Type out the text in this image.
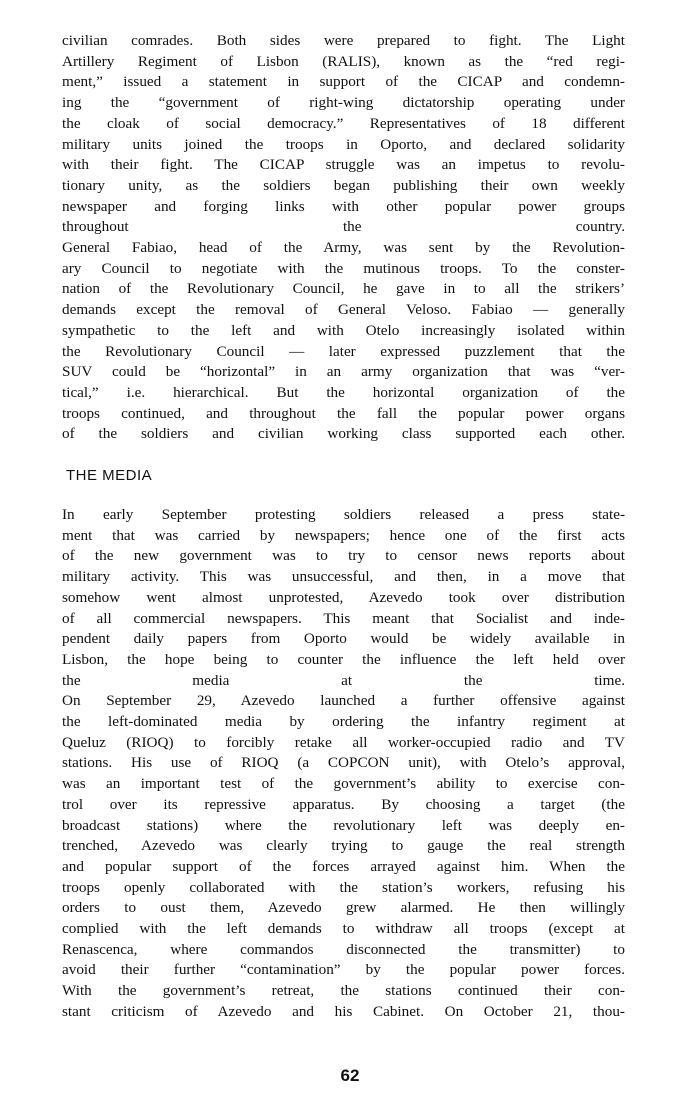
civilian comrades. Both sides were prepared to fight. The Light
Artillery Regiment of Lisbon (RALIS), known as the “red regi-
ment,” issued a statement in support of the CICAP and condemn-
ing the “government of right-wing dictatorship operating under
the cloak of social democracy.” Representatives of 18 different
military units joined the troops in Oporto, and declared solidarity
with their fight. The CICAP struggle was an impetus to revolu-
tionary unity, as the soldiers began publishing their own weekly
newspaper and forging links with other popular power groups
throughout the country.

General Fabiao, head of the Army, was sent by the Revolution-
ary Council to negotiate with the mutinous troops. To the conster-
nation of the Revolutionary Council, he gave in to all the strikers’
demands except the removal of General Veloso. Fabiao — generally
sympathetic to the left and with Otelo increasingly isolated within
the Revolutionary Council — later expressed puzzlement that the
SUV could be “horizontal” in an army organization that was “ver-
tical,” i.e. hierarchical. But the horizontal organization of the
troops continued, and throughout the fall the popular power organs
of the soldiers and civilian working class supported each other.

THE MEDIA

In early September protesting soldiers released a press state-
ment that was carried by newspapers; hence one of the first acts
of the new government was to try to censor news reports about
military activity. This was unsuccessful, and then, in a move that
somehow went almost unprotested, Azevedo took over distribution
of all commercial newspapers. This meant that Socialist and inde-
pendent daily papers from Oporto would be widely available in
Lisbon, the hope being to counter the influence the left held over
the media at the time.

On September 29, Azevedo launched a further offensive against
the left-dominated media by ordering the infantry regiment at
Queluz (RIOQ) to forcibly retake all worker-occupied radio and TV
stations. His use of RIOQ (a COPCON unit), with Otelo’s approval,
was an important test of the government’s ability to exercise con-
trol over its repressive apparatus. By choosing a target (the
broadcast stations) where the revolutionary left was deeply en-
trenched, Azevedo was clearly trying to gauge the real strength
and popular support of the forces arrayed against him. When the
troops openly collaborated with the station’s workers, refusing his
orders to oust them, Azevedo grew alarmed. He then willingly
complied with the left demands to withdraw all troops (except at
Renascenca, where commandos disconnected the transmitter) to
avoid their further “contamination” by the popular power forces.
With the government’s retreat, the stations continued their con-
stant criticism of Azevedo and his Cabinet. On October 21, thou-

62
